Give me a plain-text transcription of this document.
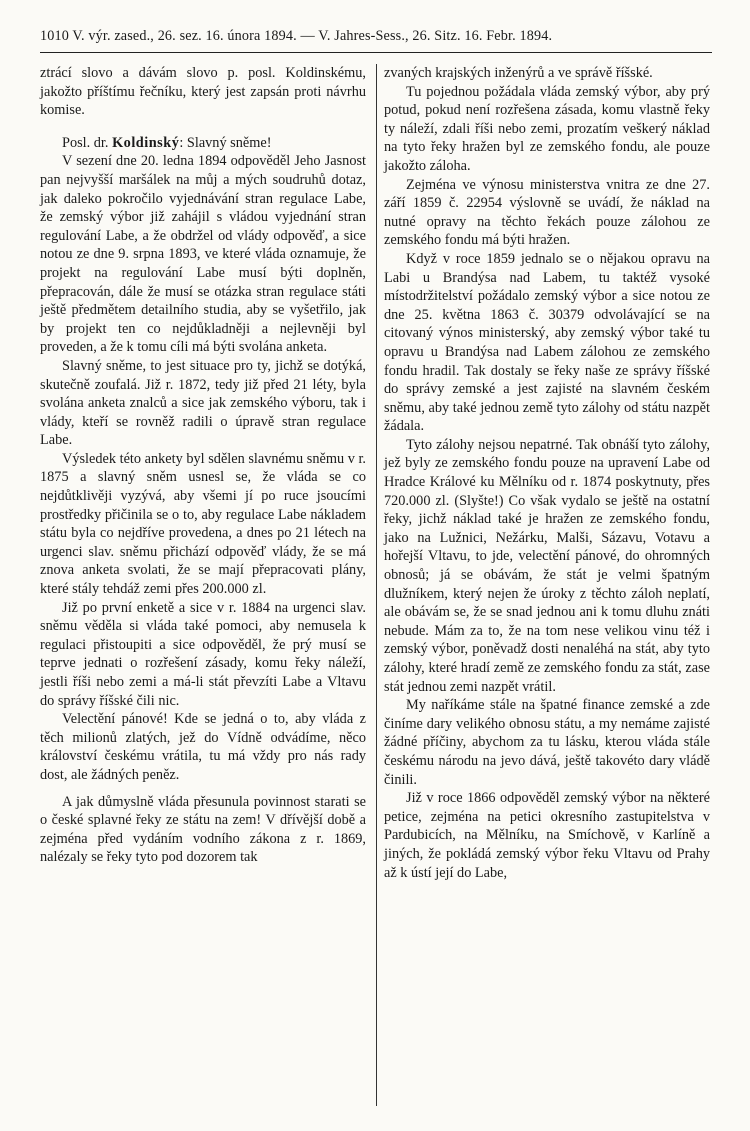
1010 V. výr. zased., 26. sez. 16. února 1894. — V. Jahres-Sess., 26. Sitz. 16. Febr. 1894.

ztrácí slovo a dávám slovo p. posl. Koldinskému, jakožto příštímu řečníku, který jest zapsán proti návrhu komise.

Posl. dr. Koldinský: Slavný sněme!

V sezení dne 20. ledna 1894 odpověděl Jeho Jasnost pan nejvyšší maršálek na můj a mých soudruhů dotaz, jak daleko pokročilo vyjednávání stran regulace Labe, že zemský výbor již zahájil s vládou vyjednání stran regulování Labe, a že obdržel od vlády odpověď, a sice notou ze dne 9. srpna 1893, ve které vláda oznamuje, že projekt na regulování Labe musí býti doplněn, přepracován, dále že musí se otázka stran regulace státi ještě předmětem detailního studia, aby se vyšetřilo, jak by projekt ten co nejdůkladněji a nejlevněji byl proveden, a že k tomu cíli má býti svolána anketa.

Slavný sněme, to jest situace pro ty, jichž se dotýká, skutečně zoufalá. Již r. 1872, tedy již před 21 léty, byla svolána anketa znalců a sice jak zemského výboru, tak i vlády, kteří se rovněž radili o úpravě stran regulace Labe.

Výsledek této ankety byl sdělen slavnému sněmu v r. 1875 a slavný sněm usnesl se, že vláda se co nejdůtklivěji vyzývá, aby všemi jí po ruce jsoucími prostředky přičinila se o to, aby regulace Labe nákladem státu byla co nejdříve provedena, a dnes po 21 létech na urgenci slav. sněmu přichází odpověď vlády, že se má znova anketa svolati, že se mají přepracovati plány, které stály tehdáž zemi přes 200.000 zl.

Již po první enketě a sice v r. 1884 na urgenci slav. sněmu věděla si vláda také pomoci, aby nemusela k regulaci přistoupiti a sice odpověděl, že prý musí se teprve jednati o rozřešení zásady, komu řeky náleží, jestli říši nebo zemi a má-li stát převzíti Labe a Vltavu do správy říšské čili nic.

Velectění pánové! Kde se jedná o to, aby vláda z těch milionů zlatých, jež do Vídně odvádíme, něco království českému vrátila, tu má vždy pro nás rady dost, ale žádných peněz.

A jak důmyslně vláda přesunula povinnost starati se o české splavné řeky ze státu na zem! V dřívější době a zejména před vydáním vodního zákona z r. 1869, nalézaly se řeky tyto pod dozorem tak

zvaných krajských inženýrů a ve správě říšské.

Tu pojednou požádala vláda zemský výbor, aby prý potud, pokud není rozřešena zásada, komu vlastně řeky ty náleží, zdali říši nebo zemi, prozatím veškerý náklad na tyto řeky hražen byl ze zemského fondu, ale pouze jakožto záloha.

Zejména ve výnosu ministerstva vnitra ze dne 27. září 1859 č. 22954 výslovně se uvádí, že náklad na nutné opravy na těchto řekách pouze zálohou ze zemského fondu má býti hražen.

Když v roce 1859 jednalo se o nějakou opravu na Labi u Brandýsa nad Labem, tu taktéž vysoké místodržitelství požádalo zemský výbor a sice notou ze dne 25. května 1863 č. 30379 odvolávající se na citovaný výnos ministerský, aby zemský výbor také tu opravu u Brandýsa nad Labem zálohou ze zemského fondu hradil. Tak dostaly se řeky naše ze správy říšské do správy zemské a jest zajisté na slavném českém sněmu, aby také jednou země tyto zálohy od státu nazpět žádala.

Tyto zálohy nejsou nepatrné. Tak obnáší tyto zálohy, jež byly ze zemského fondu pouze na upravení Labe od Hradce Králové ku Mělníku od r. 1874 poskytnuty, přes 720.000 zl. (Slyšte!) Co však vydalo se ještě na ostatní řeky, jichž náklad také je hražen ze zemského fondu, jako na Lužnici, Nežárku, Malši, Sázavu, Votavu a hořejší Vltavu, to jde, velectění pánové, do ohromných obnosů; já se obávám, že stát je velmi špatným dlužníkem, který nejen že úroky z těchto záloh neplatí, ale obávám se, že se snad jednou ani k tomu dluhu znáti nebude. Mám za to, že na tom nese velikou vinu též i zemský výbor, poněvadž dosti nenaléhá na stát, aby tyto zálohy, které hradí země ze zemského fondu za stát, zase stát jednou zemi nazpět vrátil.

My naříkáme stále na špatné finance zemské a zde činíme dary velikého obnosu státu, a my nemáme zajisté žádné příčiny, abychom za tu lásku, kterou vláda stále českému národu na jevo dává, ještě takovéto dary vládě činili.

Již v roce 1866 odpověděl zemský výbor na některé petice, zejména na petici okresního zastupitelstva v Pardubicích, na Mělníku, na Smíchově, v Karlíně a jiných, že pokládá zemský výbor řeku Vltavu od Prahy až k ústí její do Labe,
